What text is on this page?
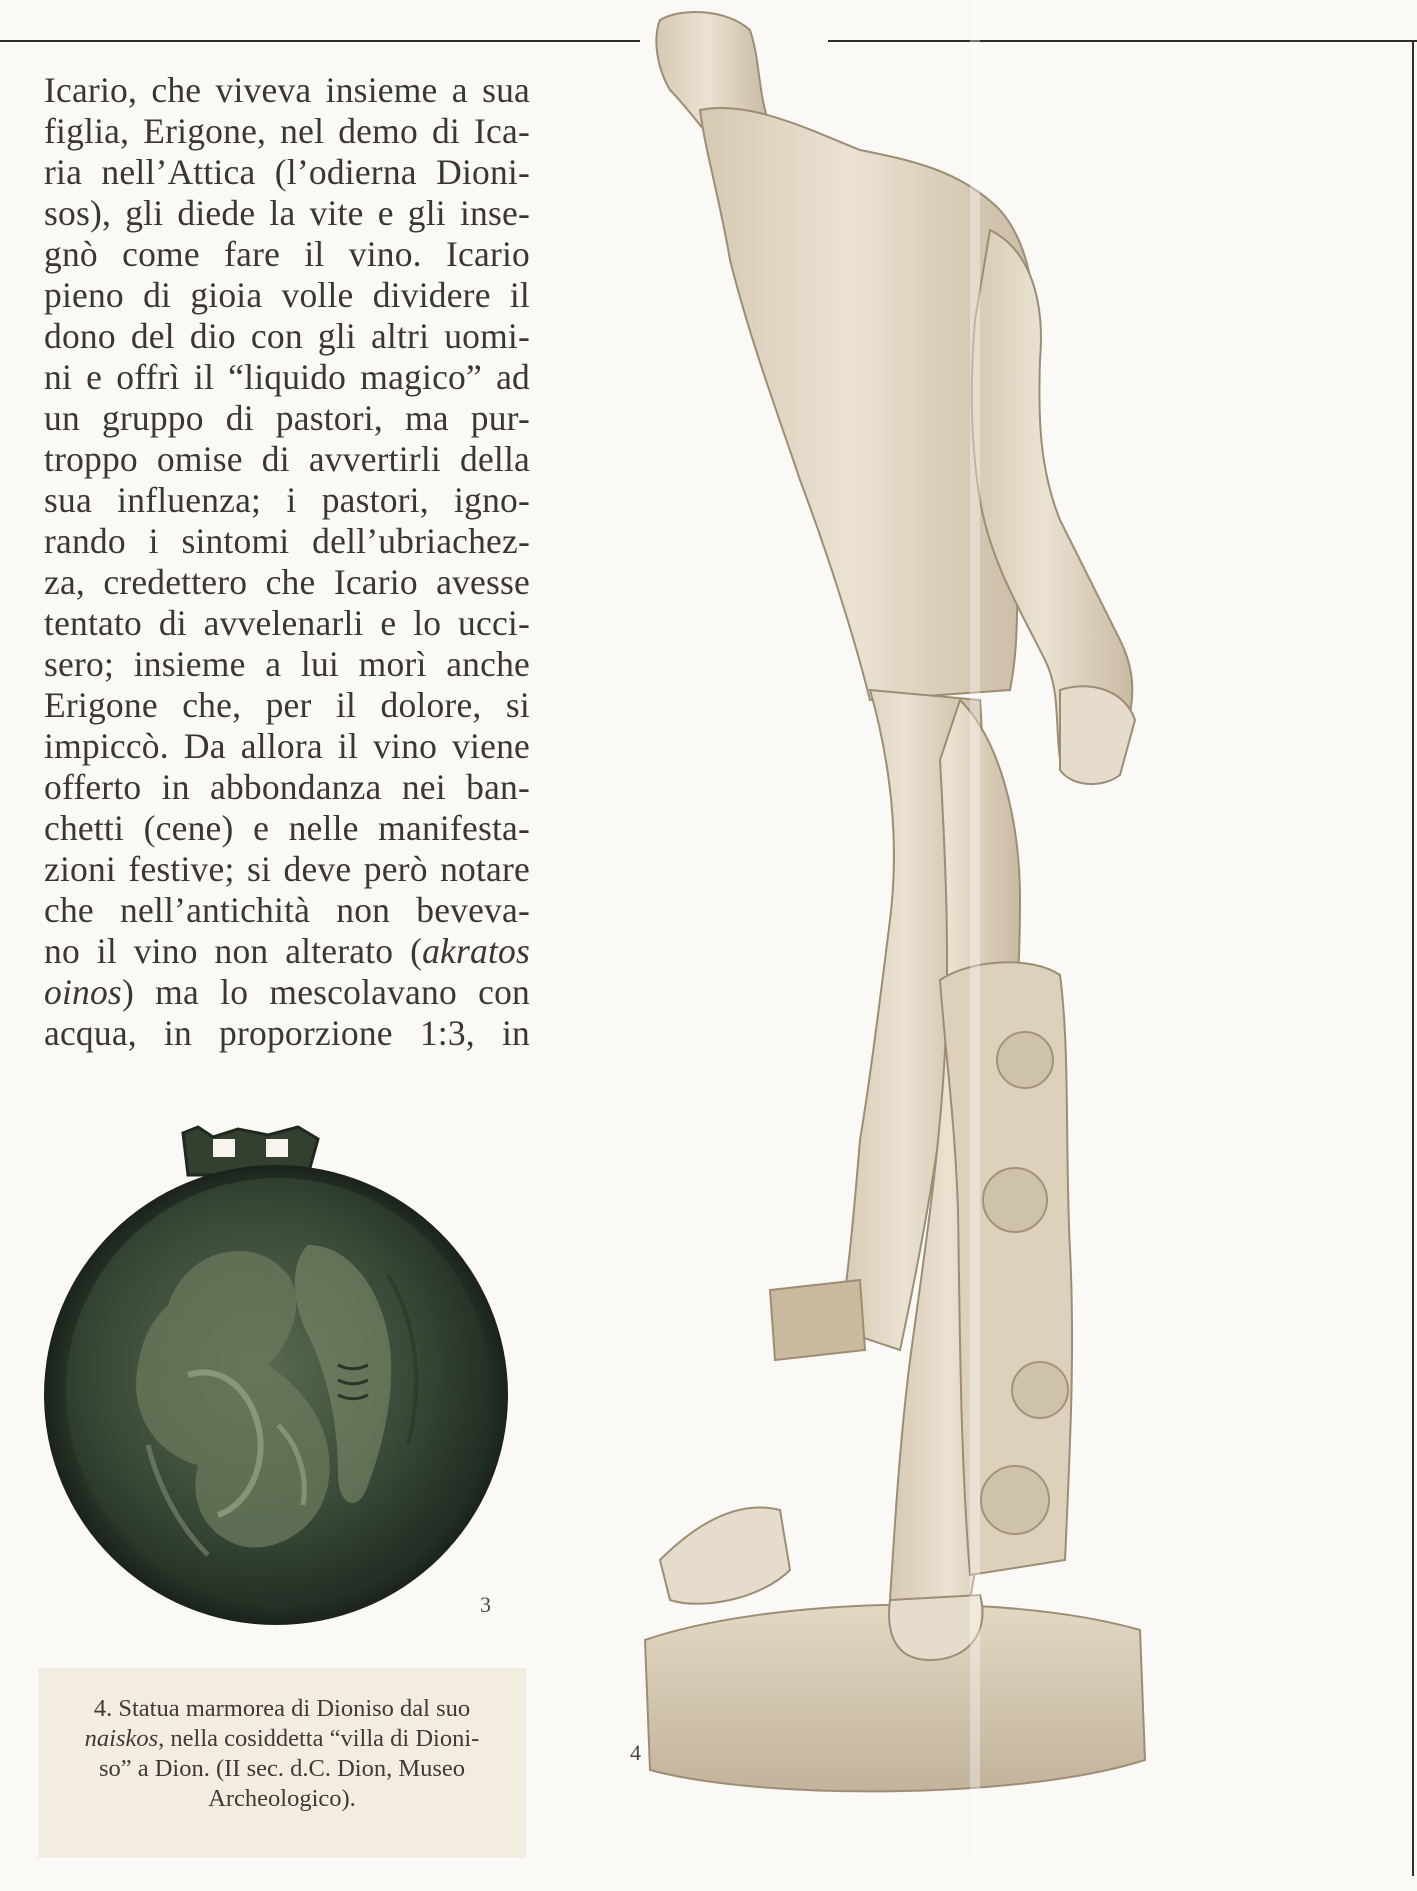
Icario, che viveva insieme a sua
figlia, Erigone, nel demo di Ica-
ria nell’Attica (l’odierna Dioni-
sos), gli diede la vite e gli inse-
gnò come fare il vino. Icario
pieno di gioia volle dividere il
dono del dio con gli altri uomi-
ni e offrì il “liquido magico” ad
un gruppo di pastori, ma pur-
troppo omise di avvertirli della
sua influenza; i pastori, igno-
rando i sintomi dell’ubriachez-
za, credettero che Icario avesse
tentato di avvelenarli e lo ucci-
sero; insieme a lui morì anche
Erigone che, per il dolore, si
impiccò. Da allora il vino viene
offerto in abbondanza nei ban-
chetti (cene) e nelle manifesta-
zioni festive; si deve però notare
che nell’antichità non beveva-
no il vino non alterato (akratos
oinos) ma lo mescolavano con
acqua, in proporzione 1:3, in
3
4. Statua marmorea di Dioniso dal suo
naiskos, nella cosiddetta “villa di Dioni-
so” a Dion. (II sec. d.C. Dion, Museo
Archeologico).
4
